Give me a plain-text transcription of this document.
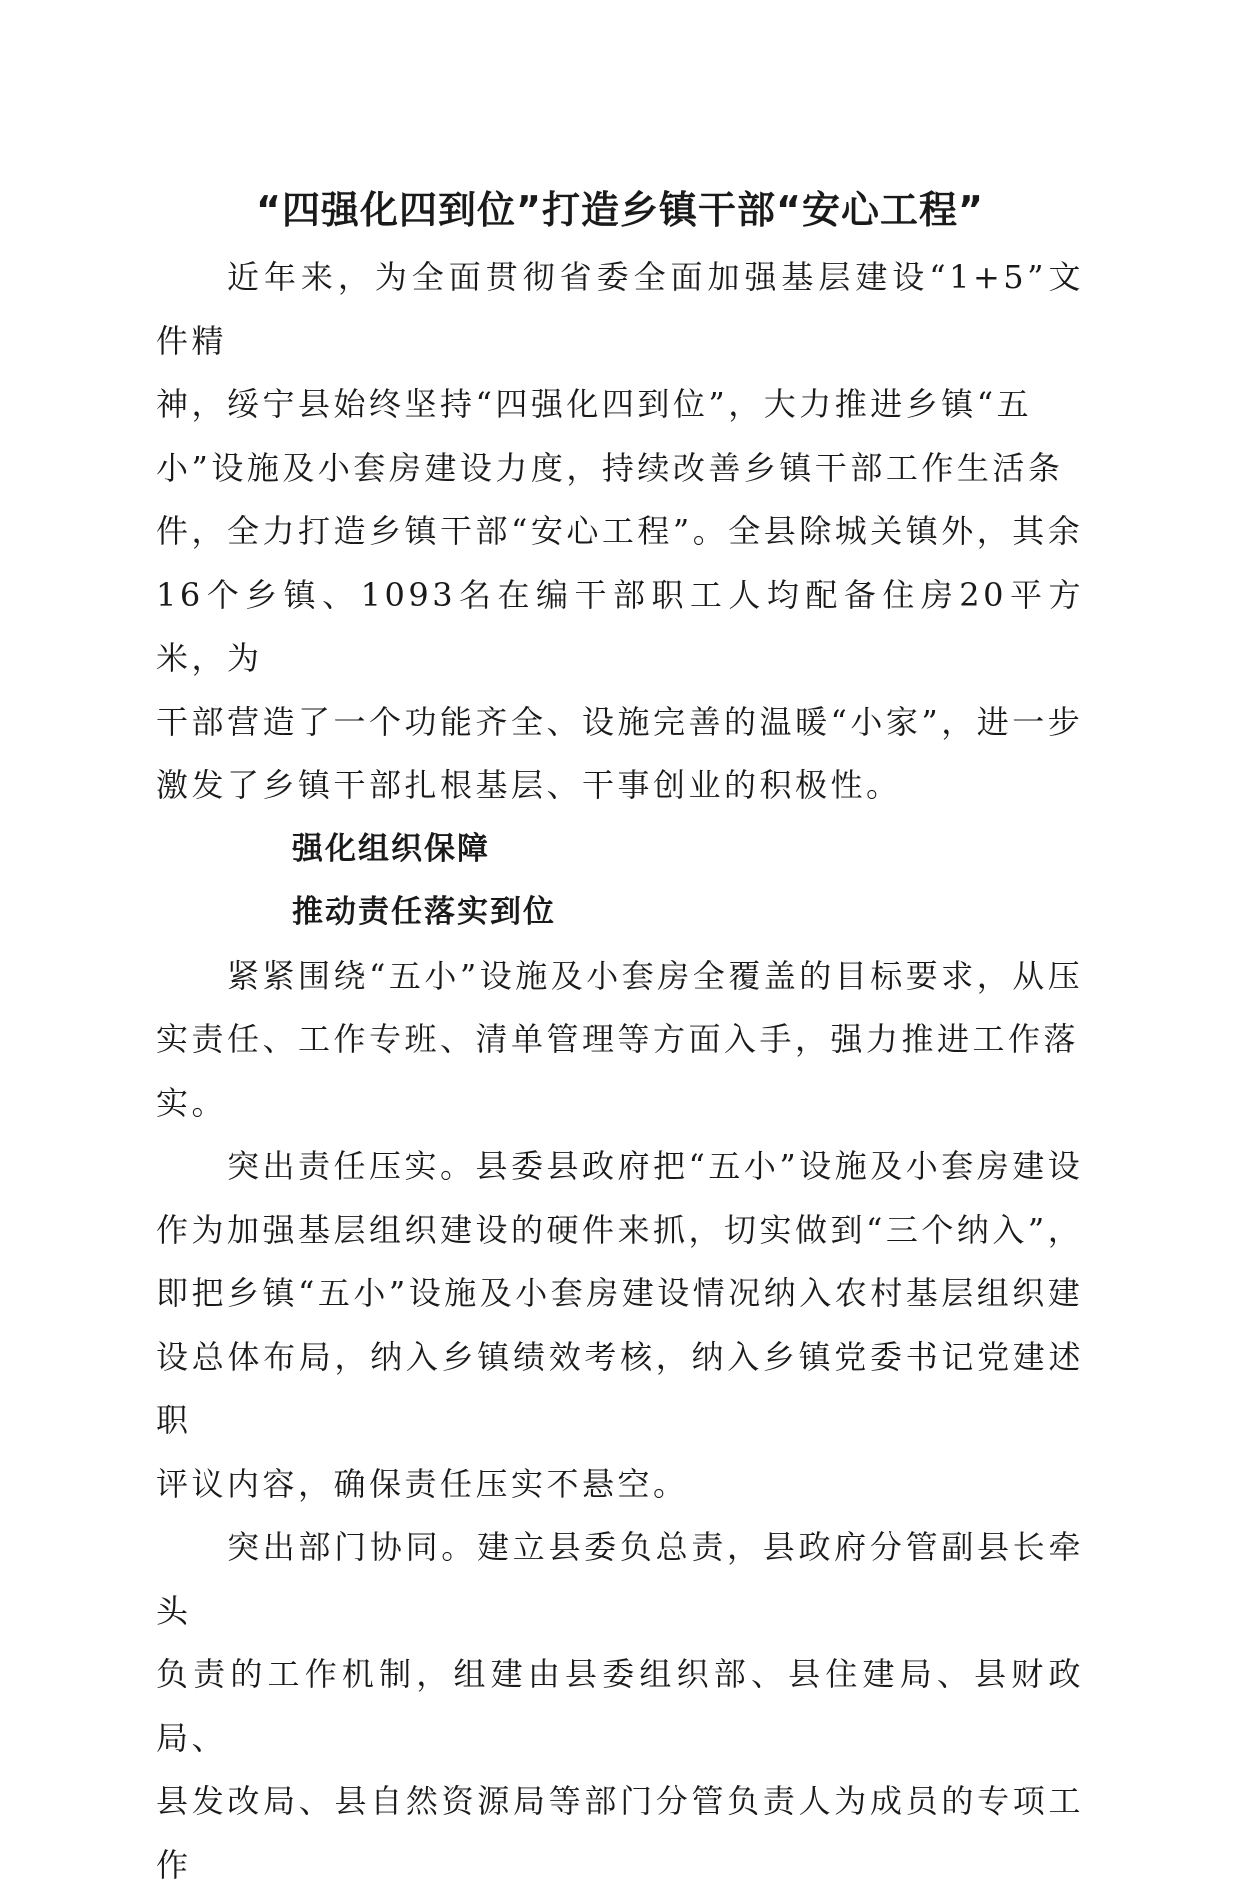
“四强化四到位”打造乡镇干部“安心工程”

近年来，为全面贯彻省委全面加强基层建设“1+5”文件精
神，绥宁县始终坚持“四强化四到位”，大力推进乡镇“五
小”设施及小套房建设力度，持续改善乡镇干部工作生活条
件，全力打造乡镇干部“安心工程”。全县除城关镇外，其余
16个乡镇、1093名在编干部职工人均配备住房20平方米，为
干部营造了一个功能齐全、设施完善的温暖“小家”，进一步
激发了乡镇干部扎根基层、干事创业的积极性。

强化组织保障

推动责任落实到位

紧紧围绕“五小”设施及小套房全覆盖的目标要求，从压
实责任、工作专班、清单管理等方面入手，强力推进工作落
实。

突出责任压实。县委县政府把“五小”设施及小套房建设
作为加强基层组织建设的硬件来抓，切实做到“三个纳入”，
即把乡镇“五小”设施及小套房建设情况纳入农村基层组织建
设总体布局，纳入乡镇绩效考核，纳入乡镇党委书记党建述职
评议内容，确保责任压实不悬空。

突出部门协同。建立县委负总责，县政府分管副县长牵头
负责的工作机制，组建由县委组织部、县住建局、县财政局、
县发改局、县自然资源局等部门分管负责人为成员的专项工作
